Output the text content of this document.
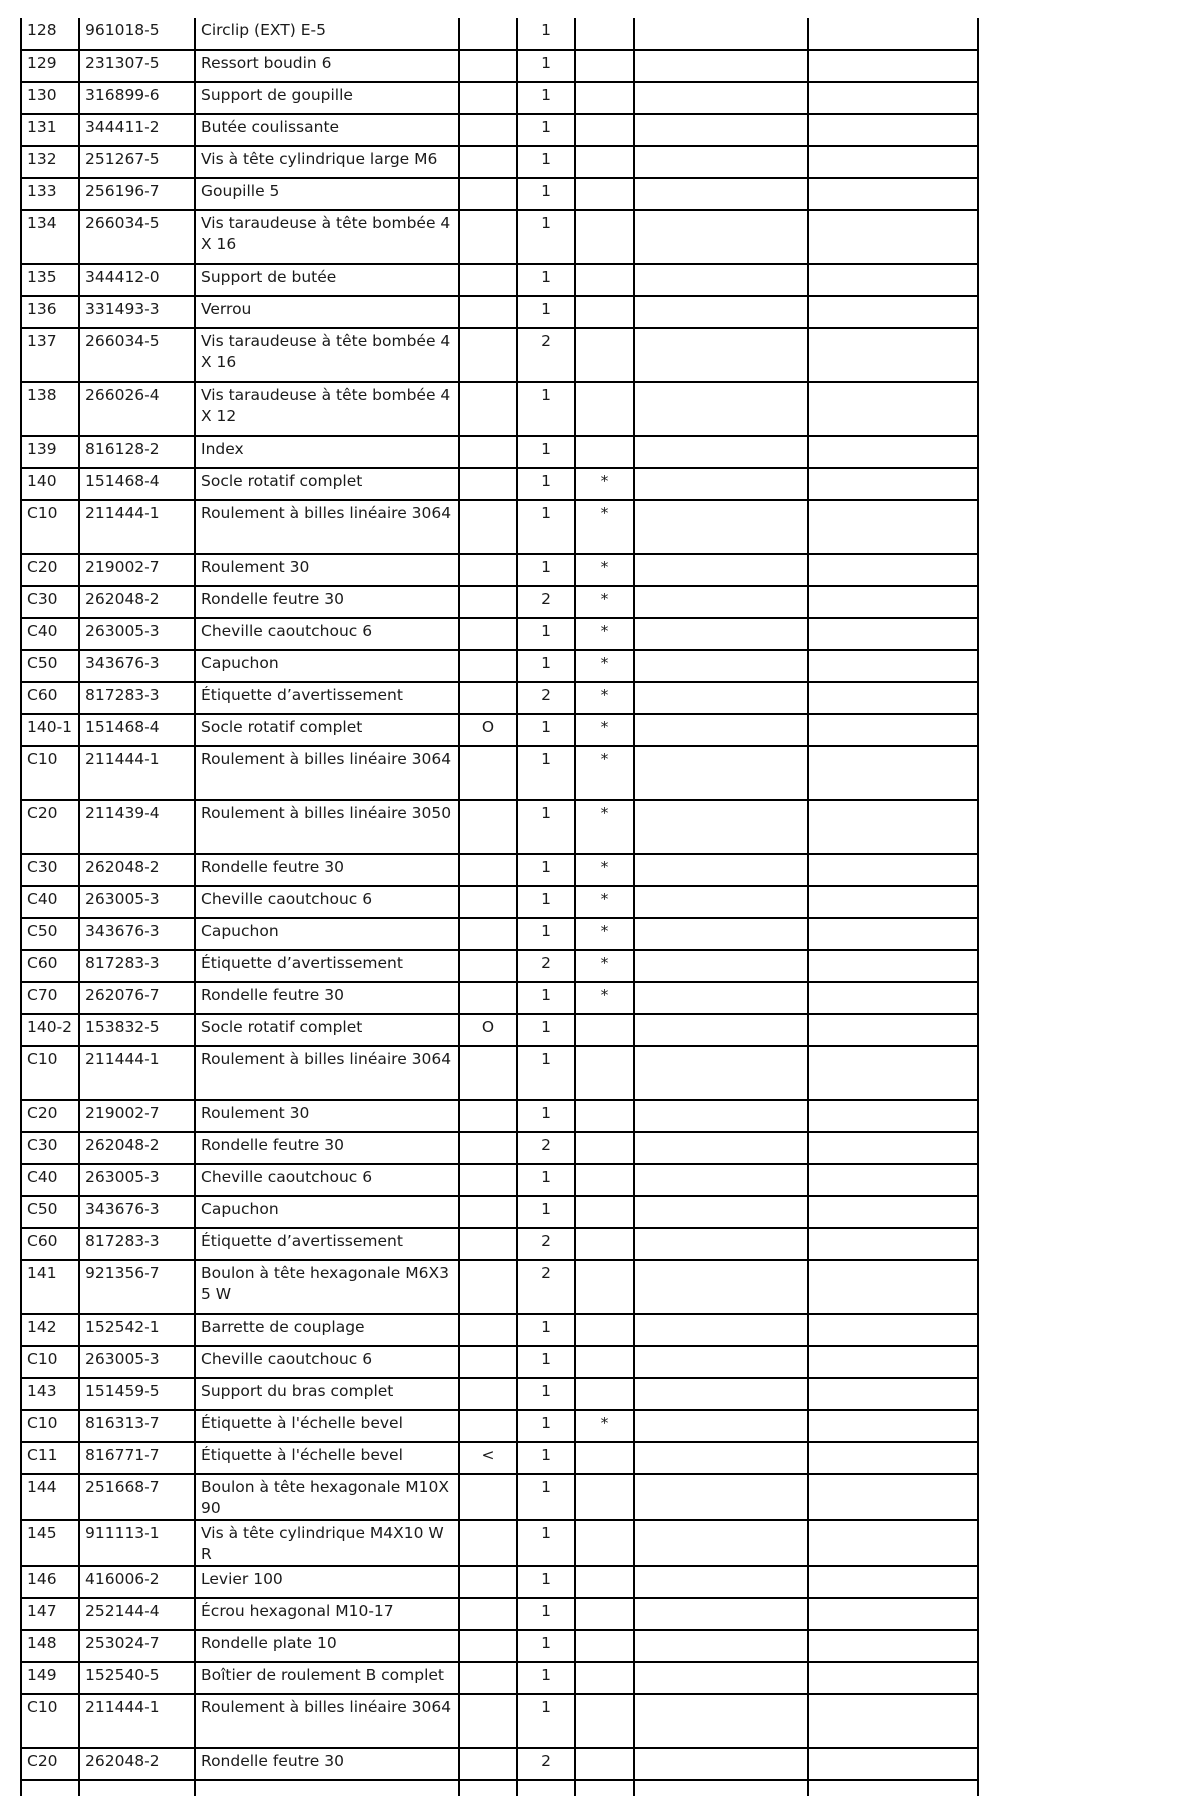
128	961018-5	Circlip (EXT) E-5		1			
129	231307-5	Ressort boudin 6		1			
130	316899-6	Support de goupille		1			
131	344411-2	Butée coulissante		1			
132	251267-5	Vis à tête cylindrique large M6		1			
133	256196-7	Goupille 5		1			
134	266034-5	Vis taraudeuse à tête bombée 4X 16		1			
135	344412-0	Support de butée		1			
136	331493-3	Verrou		1			
137	266034-5	Vis taraudeuse à tête bombée 4X 16		2			
138	266026-4	Vis taraudeuse à tête bombée 4X 12		1			
139	816128-2	Index		1			
140	151468-4	Socle rotatif complet		1	*		
C10	211444-1	Roulement à billes linéaire 3064		1	*		
C20	219002-7	Roulement 30		1	*		
C30	262048-2	Rondelle feutre 30		2	*		
C40	263005-3	Cheville caoutchouc 6		1	*		
C50	343676-3	Capuchon		1	*		
C60	817283-3	Étiquette d’avertissement		2	*		
140-1	151468-4	Socle rotatif complet	O	1	*		
C10	211444-1	Roulement à billes linéaire 3064		1	*		
C20	211439-4	Roulement à billes linéaire 3050		1	*		
C30	262048-2	Rondelle feutre 30		1	*		
C40	263005-3	Cheville caoutchouc 6		1	*		
C50	343676-3	Capuchon		1	*		
C60	817283-3	Étiquette d’avertissement		2	*		
C70	262076-7	Rondelle feutre 30		1	*		
140-2	153832-5	Socle rotatif complet	O	1			
C10	211444-1	Roulement à billes linéaire 3064		1			
C20	219002-7	Roulement 30		1			
C30	262048-2	Rondelle feutre 30		2			
C40	263005-3	Cheville caoutchouc 6		1			
C50	343676-3	Capuchon		1			
C60	817283-3	Étiquette d’avertissement		2			
141	921356-7	Boulon à tête hexagonale M6X35 W		2			
142	152542-1	Barrette de couplage		1			
C10	263005-3	Cheville caoutchouc 6		1			
143	151459-5	Support du bras complet		1			
C10	816313-7	Étiquette à l'échelle bevel		1	*		
C11	816771-7	Étiquette à l'échelle bevel	<	1			
144	251668-7	Boulon à tête hexagonale M10X90		1			
145	911113-1	Vis à tête cylindrique M4X10 WR		1			
146	416006-2	Levier 100		1			
147	252144-4	Écrou hexagonal M10-17		1			
148	253024-7	Rondelle plate 10		1			
149	152540-5	Boîtier de roulement B complet		1			
C10	211444-1	Roulement à billes linéaire 3064		1			
C20	262048-2	Rondelle feutre 30		2			
